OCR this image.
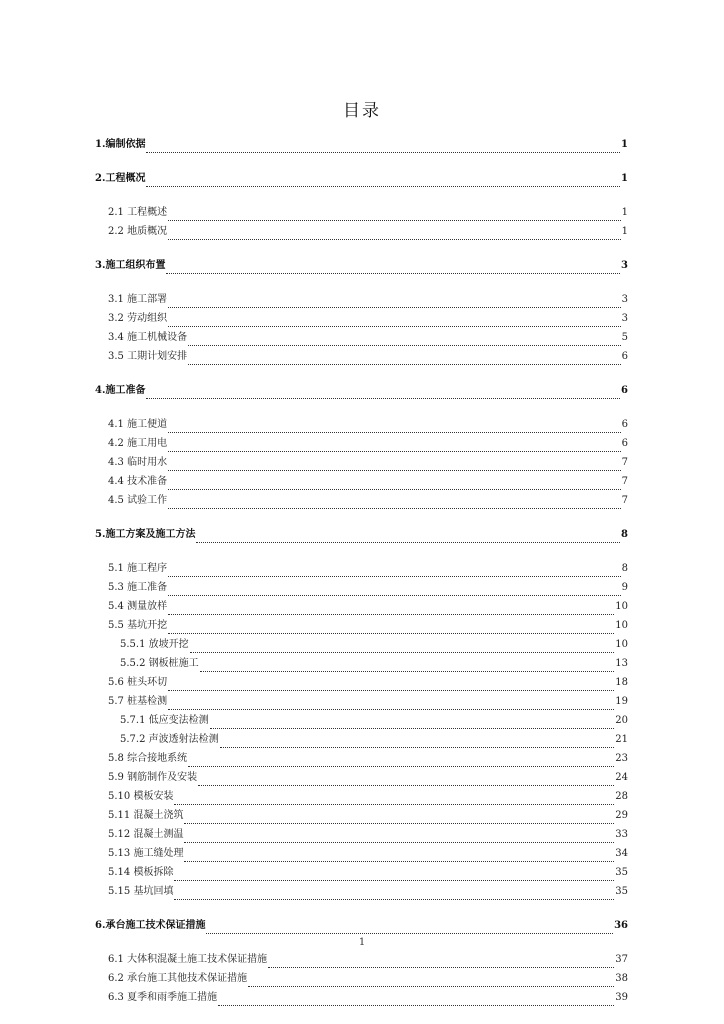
目录
1.编制依据	1
2.工程概况	1
2.1 工程概述	1
2.2 地质概况	1
3.施工组织布置	3
3.1 施工部署	3
3.2 劳动组织	3
3.4 施工机械设备	5
3.5 工期计划安排	6
4.施工准备	6
4.1 施工便道	6
4.2 施工用电	6
4.3 临时用水	7
4.4 技术准备	7
4.5 试验工作	7
5.施工方案及施工方法	8
5.1 施工程序	8
5.3 施工准备	9
5.4 测量放样	10
5.5 基坑开挖	10
5.5.1 放坡开挖	10
5.5.2 钢板桩施工	13
5.6 桩头环切	18
5.7 桩基检测	19
5.7.1 低应变法检测	20
5.7.2 声波透射法检测	21
5.8 综合接地系统	23
5.9 钢筋制作及安装	24
5.10 模板安装	28
5.11 混凝土浇筑	29
5.12 混凝土测温	33
5.13 施工缝处理	34
5.14 模板拆除	35
5.15 基坑回填	35
6.承台施工技术保证措施	36
6.1 大体积混凝土施工技术保证措施	37
6.2 承台施工其他技术保证措施	38
6.3 夏季和雨季施工措施	39
1
